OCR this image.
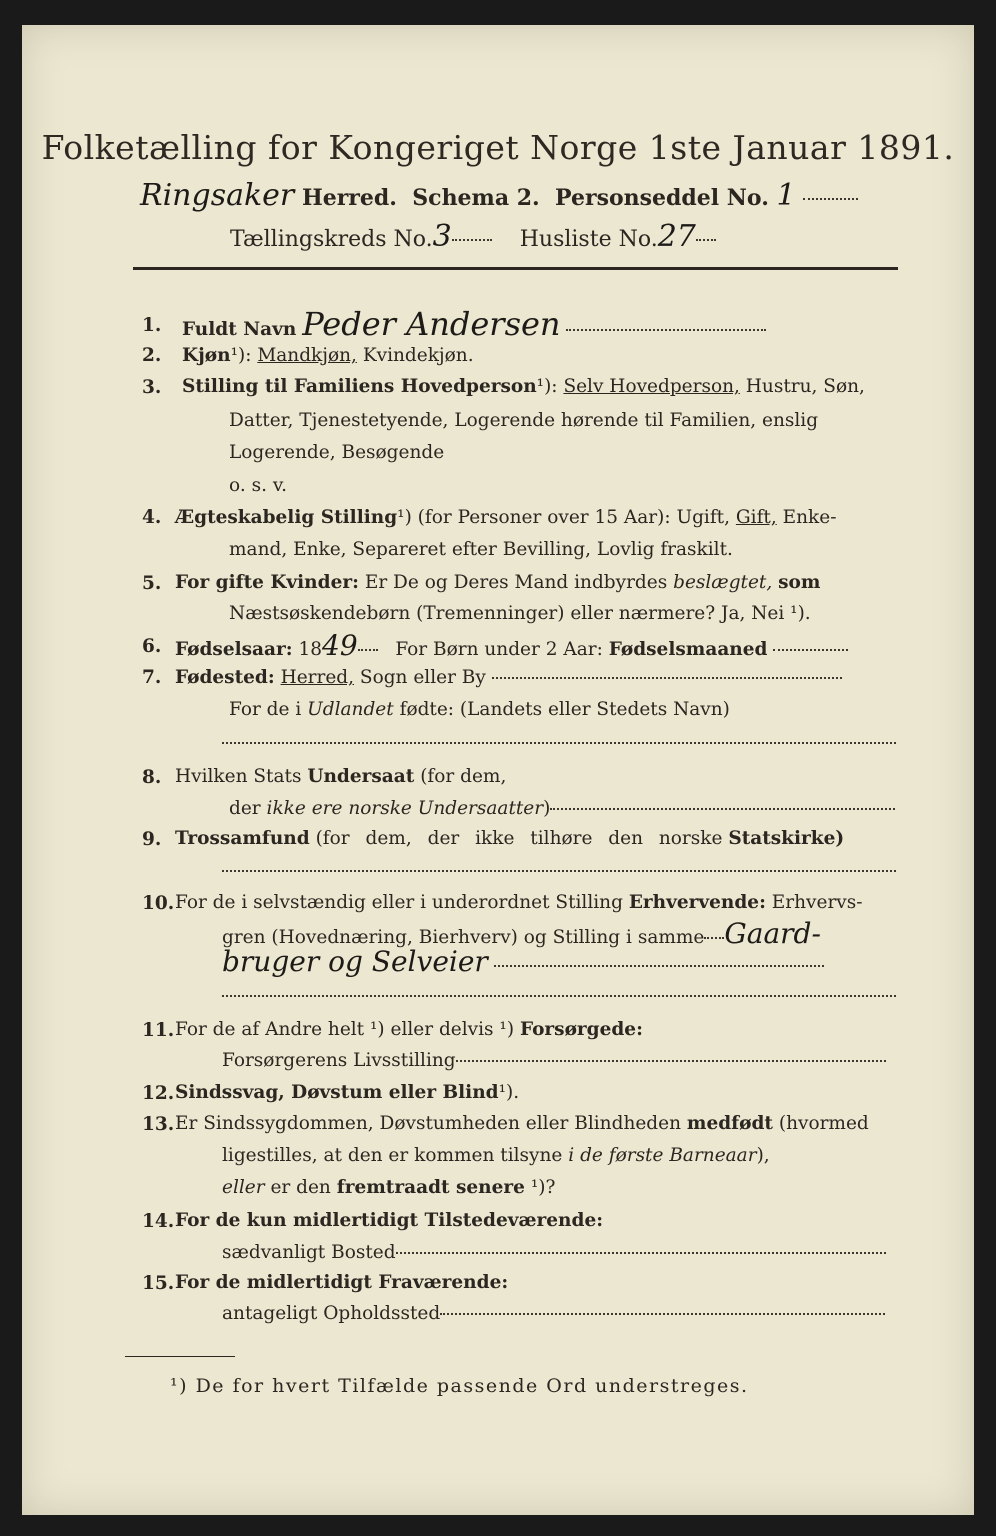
Folketælling for Kongeriget Norge 1ste Januar 1891.
Ringsaker Herred. Schema 2. Personseddel No. 1
Tællingskreds No.3	Husliste No.27
1. Fuldt Navn Peder Andersen
2. Kjøn¹): Mandkjøn, Kvindekjøn.
3. Stilling til Familiens Hovedperson¹): Selv Hovedperson, Hustru, Søn,
Datter, Tjenestetyende, Logerende hørende til Familien, enslig
Logerende, Besøgende
o. s. v.
4. Ægteskabelig Stilling¹) (for Personer over 15 Aar): Ugift, Gift, Enke-
mand, Enke, Separeret efter Bevilling, Lovlig fraskilt.
5. For gifte Kvinder: Er De og Deres Mand indbyrdes beslægtet, som
Næstsøskendebørn (Tremenninger) eller nærmere? Ja, Nei ¹).
6. Fødselsaar: 1849 For Børn under 2 Aar: Fødselsmaaned
7. Fødested: Herred, Sogn eller By
For de i Udlandet fødte: (Landets eller Stedets Navn)
8. Hvilken Stats Undersaat (for dem,
der ikke ere norske Undersaatter)
9. Trossamfund (for dem, der ikke tilhøre den norske Statskirke)
10. For de i selvstændig eller i underordnet Stilling Erhvervende: Erhvervs-
gren (Hovednæring, Bierhverv) og Stilling i samme Gaard-
bruger og Selveier
11. For de af Andre helt ¹) eller delvis ¹) Forsørgede:
Forsørgerens Livsstilling
12. Sindssvag, Døvstum eller Blind¹).
13. Er Sindssygdommen, Døvstumheden eller Blindheden medfødt (hvormed
ligestilles, at den er kommen tilsyne i de første Barneaar),
eller er den fremtraadt senere ¹)?
14. For de kun midlertidigt Tilstedeværende:
sædvanligt Bosted
15. For de midlertidigt Fraværende:
antageligt Opholdssted
¹) De for hvert Tilfælde passende Ord understreges.
